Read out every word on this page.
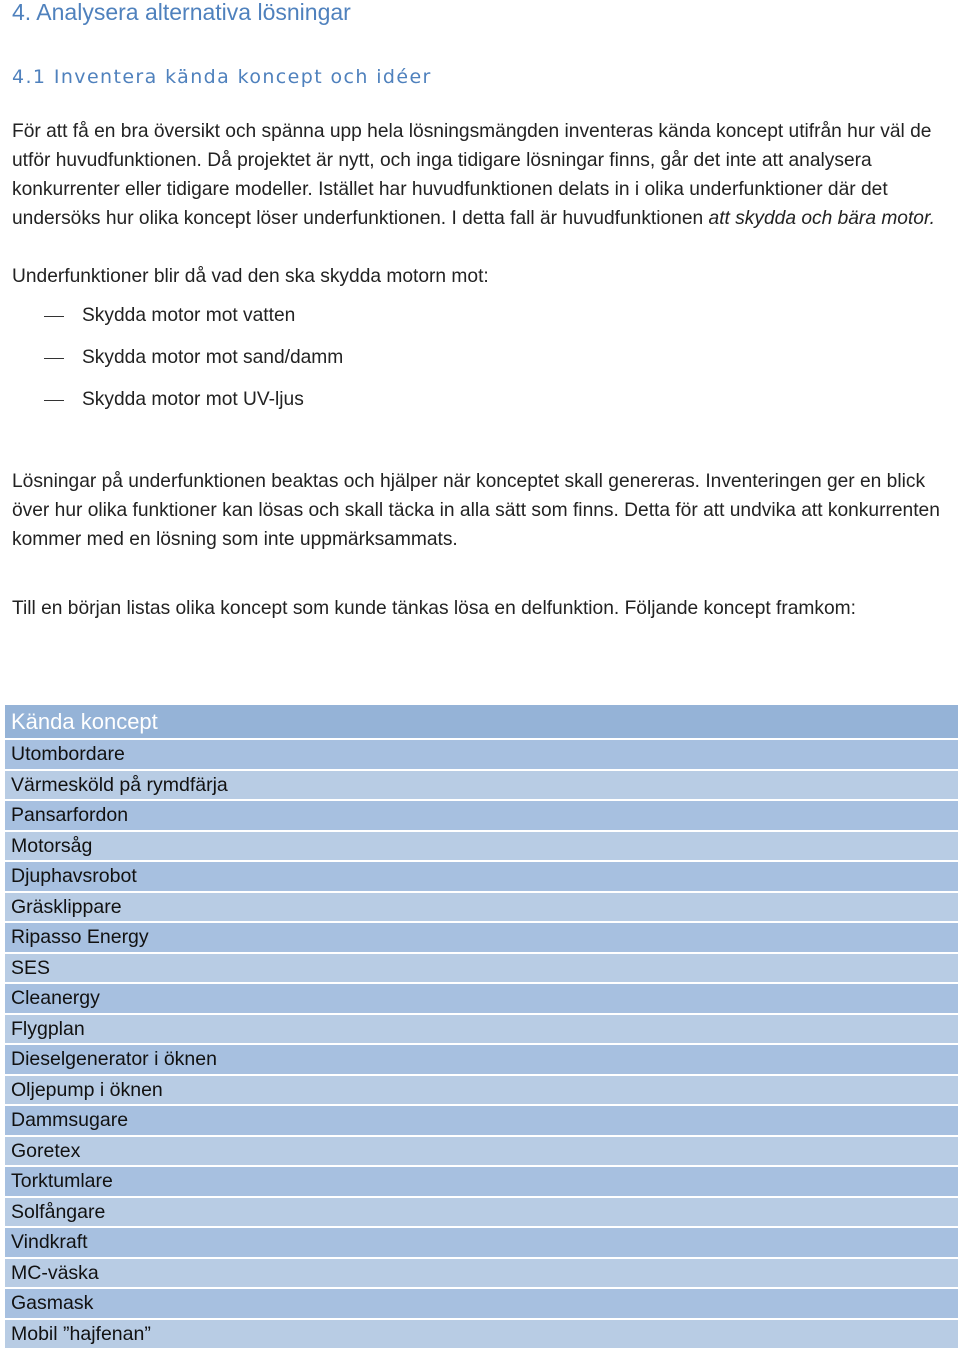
4. Analysera alternativa lösningar
4.1 Inventera kända koncept och idéer

För att få en bra översikt och spänna upp hela lösningsmängden inventeras kända koncept utifrån hur väl de utför huvudfunktionen. Då projektet är nytt, och inga tidigare lösningar finns, går det inte att analysera konkurrenter eller tidigare modeller. Istället har huvudfunktionen delats in i olika underfunktioner där det undersöks hur olika koncept löser underfunktionen. I detta fall är huvudfunktionen att skydda och bära motor.

Underfunktioner blir då vad den ska skydda motorn mot:

Skydda motor mot vatten
Skydda motor mot sand/damm
Skydda motor mot UV-ljus

Lösningar på underfunktionen beaktas och hjälper när konceptet skall genereras. Inventeringen ger en blick över hur olika funktioner kan lösas och skall täcka in alla sätt som finns. Detta för att undvika att konkurrenten kommer med en lösning som inte uppmärksammats.

Till en början listas olika koncept som kunde tänkas lösa en delfunktion. Följande koncept framkom:

Kända koncept
Utombordare
Värmesköld på rymdfärja
Pansarfordon
Motorsåg
Djuphavsrobot
Gräsklippare
Ripasso Energy
SES
Cleanergy
Flygplan
Dieselgenerator i öknen
Oljepump i öknen
Dammsugare
Goretex
Torktumlare
Solfångare
Vindkraft
MC-väska
Gasmask
Mobil ”hajfenan”
